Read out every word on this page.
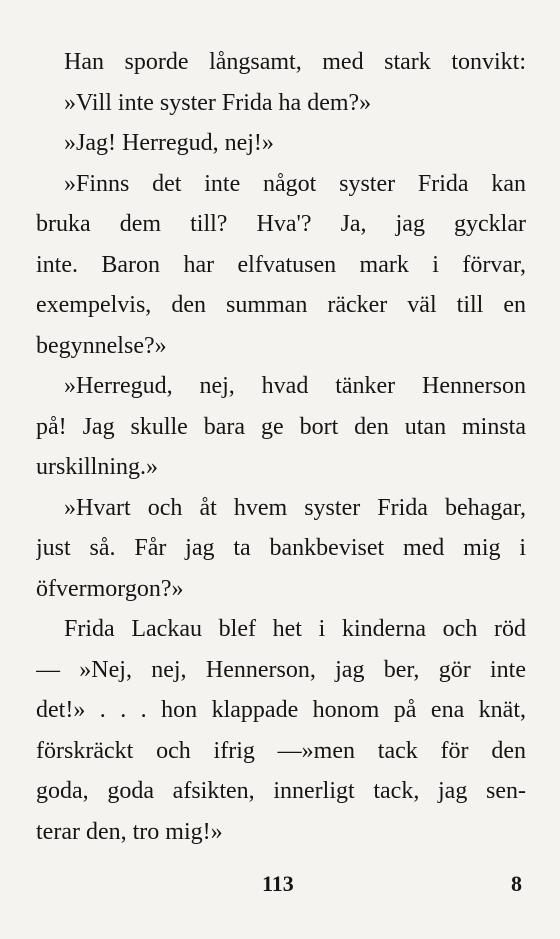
Han sporde långsamt, med stark tonvikt:
»Vill inte syster Frida ha dem?»
»Jag! Herregud, nej!»
»Finns det inte något syster Frida kan
bruka dem till? Hva'? Ja, jag gycklar
inte. Baron har elfvatusen mark i förvar,
exempelvis, den summan räcker väl till en
begynnelse?»
»Herregud, nej, hvad tänker Hennerson
på! Jag skulle bara ge bort den utan minsta
urskillning.»
»Hvart och åt hvem syster Frida behagar,
just så. Får jag ta bankbeviset med mig i
öfvermorgon?»
Frida Lackau blef het i kinderna och röd
— »Nej, nej, Hennerson, jag ber, gör inte
det!» . . . hon klappade honom på ena knät,
förskräckt och ifrig —»men tack för den
goda, goda afsikten, innerligt tack, jag sen-
terar den, tro mig!»
113	8
